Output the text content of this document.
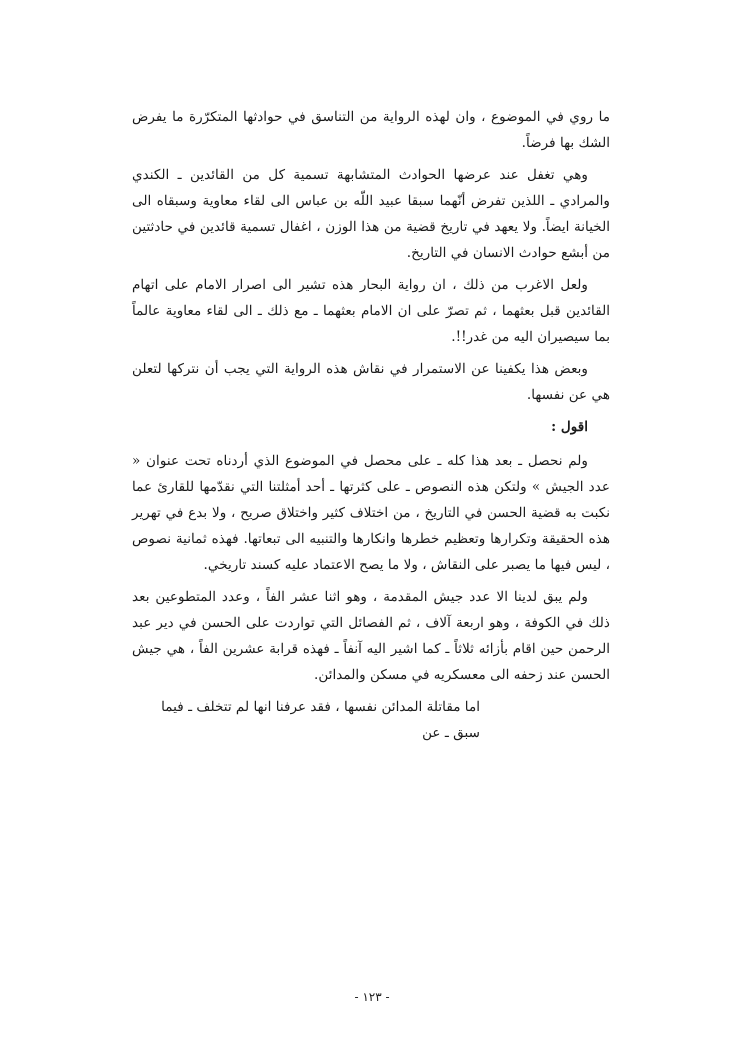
ما روي في الموضوع ، وان لهذه الرواية من التناسق في حوادثها المتكرّرة ما يفرض الشك بها فرضاً.

وهي تغفل عند عرضها الحوادث المتشابهة تسمية كل من القائدين ـ الكندي والمرادي ـ اللذين تفرض أنّهما سبقا عبيد اللّه بن عباس الى لقاء معاوية وسبقاه الى الخيانة ايضاً. ولا يعهد في تاريخ قضية من هذا الوزن ، اغفال تسمية قائدين في حادثتين من أبشع حوادث الانسان في التاريخ.

ولعل الاغرب من ذلك ، ان رواية البحار هذه تشير الى اصرار الامام على اتهام القائدين قبل بعثهما ، ثم تصرّ على ان الامام بعثهما ـ مع ذلك ـ الى لقاء معاوية عالماً بما سيصيران اليه من غدر!!.

وبعض هذا يكفينا عن الاستمرار في نقاش هذه الرواية التي يجب أن نتركها لتعلن هي عن نفسها.

اقول :

ولم نحصل ـ بعد هذا كله ـ على محصل في الموضوع الذي أردناه تحت عنوان « عدد الجيش » ولتكن هذه النصوص ـ على كثرتها ـ أحد أمثلتنا التي نقدّمها للقارئ عما نكبت به قضية الحسن في التاريخ ، من اختلاف كثير واختلاق صريح ، ولا بدع في تهرير هذه الحقيقة وتكرارها وتعظيم خطرها وانكارها والتنبيه الى تبعاتها. فهذه ثمانية نصوص ، ليس فيها ما يصبر على النقاش ، ولا ما يصح الاعتماد عليه كسند تاريخي.

ولم يبق لدينا الا عدد جيش المقدمة ، وهو اثنا عشر الفاً ، وعدد المتطوعين بعد ذلك في الكوفة ، وهو اربعة آلاف ، ثم الفصائل التي تواردت على الحسن في دير عبد الرحمن حين اقام بأزائه ثلاثاً ـ كما اشير اليه آنفاً ـ فهذه قرابة عشرين الفاً ، هي جيش الحسن عند زحفه الى معسكريه في مسكن والمدائن.

اما مقاتلة المدائن نفسها ، فقد عرفنا انها لم تتخلف ـ فيما سبق ـ عن

- ١٢٣ -
